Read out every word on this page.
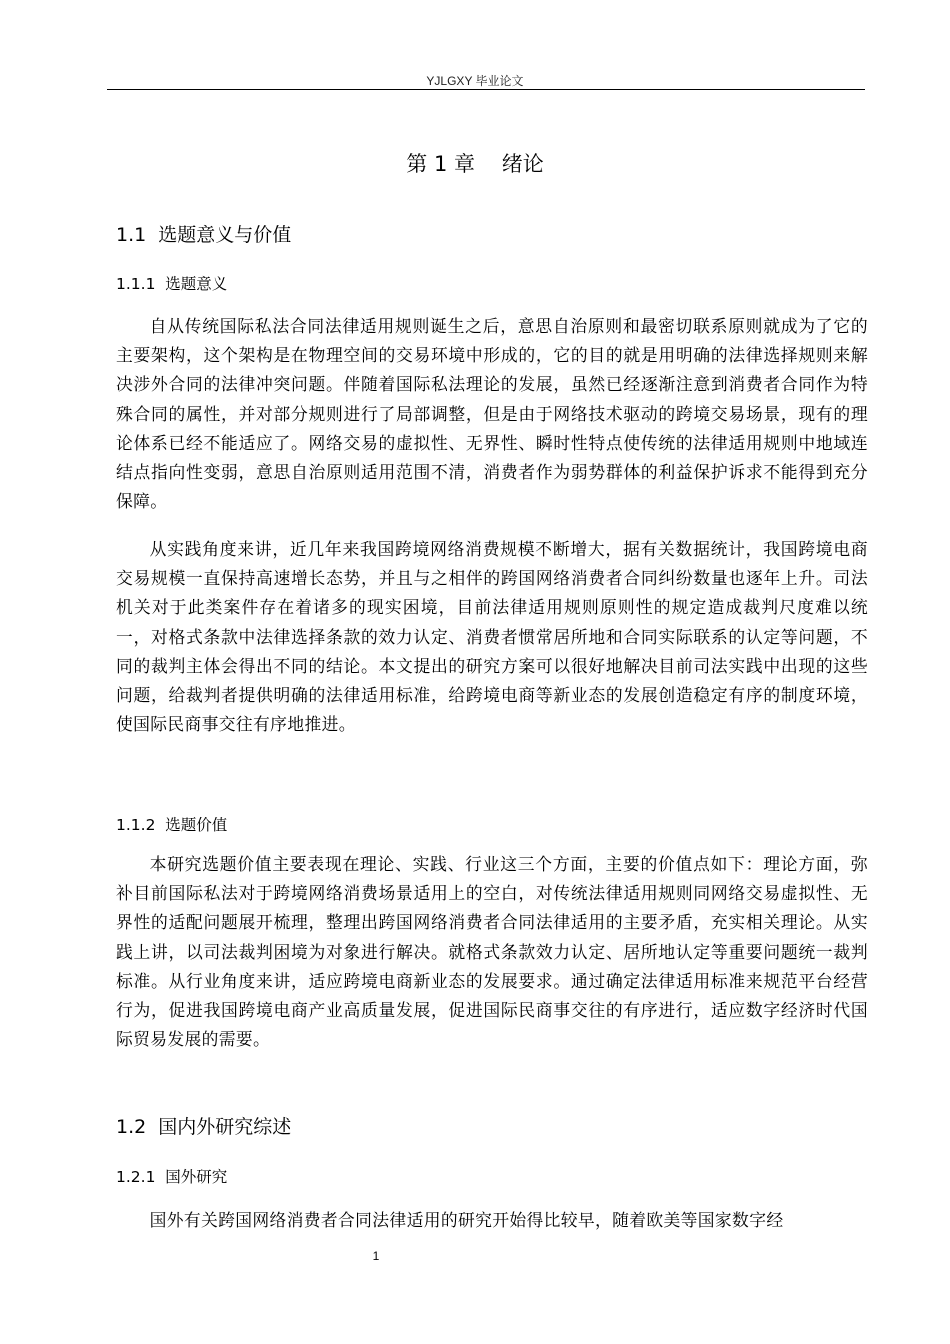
YJLGXY 毕业论文
第 1 章    绪论
1.1  选题意义与价值
1.1.1  选题意义

自从传统国际私法合同法律适用规则诞生之后，意思自治原则和最密切联系原则就成为了它的主要架构，这个架构是在物理空间的交易环境中形成的，它的目的就是用明确的法律选择规则来解决涉外合同的法律冲突问题。伴随着国际私法理论的发展，虽然已经逐渐注意到消费者合同作为特殊合同的属性，并对部分规则进行了局部调整，但是由于网络技术驱动的跨境交易场景，现有的理论体系已经不能适应了。网络交易的虚拟性、无界性、瞬时性特点使传统的法律适用规则中地域连结点指向性变弱，意思自治原则适用范围不清，消费者作为弱势群体的利益保护诉求不能得到充分保障。

从实践角度来讲，近几年来我国跨境网络消费规模不断增大，据有关数据统计，我国跨境电商交易规模一直保持高速增长态势，并且与之相伴的跨国网络消费者合同纠纷数量也逐年上升。司法机关对于此类案件存在着诸多的现实困境，目前法律适用规则原则性的规定造成裁判尺度难以统一，对格式条款中法律选择条款的效力认定、消费者惯常居所地和合同实际联系的认定等问题，不同的裁判主体会得出不同的结论。本文提出的研究方案可以很好地解决目前司法实践中出现的这些问题，给裁判者提供明确的法律适用标准，给跨境电商等新业态的发展创造稳定有序的制度环境，使国际民商事交往有序地推进。

1.1.2  选题价值

本研究选题价值主要表现在理论、实践、行业这三个方面，主要的价值点如下：理论方面，弥补目前国际私法对于跨境网络消费场景适用上的空白，对传统法律适用规则同网络交易虚拟性、无界性的适配问题展开梳理，整理出跨国网络消费者合同法律适用的主要矛盾，充实相关理论。从实践上讲，以司法裁判困境为对象进行解决。就格式条款效力认定、居所地认定等重要问题统一裁判标准。从行业角度来讲，适应跨境电商新业态的发展要求。通过确定法律适用标准来规范平台经营行为，促进我国跨境电商产业高质量发展，促进国际民商事交往的有序进行，适应数字经济时代国际贸易发展的需要。

1.2  国内外研究综述
1.2.1  国外研究

国外有关跨国网络消费者合同法律适用的研究开始得比较早，随着欧美等国家数字经

1
